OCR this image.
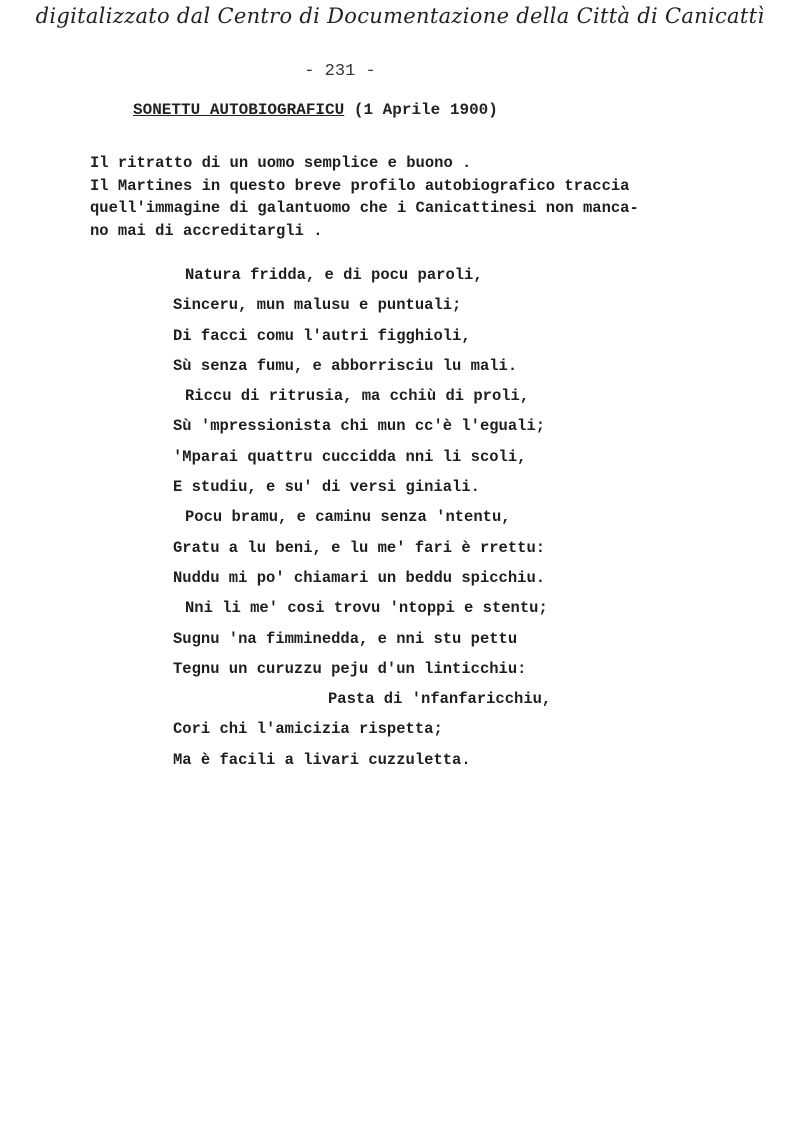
digitalizzato dal Centro di Documentazione della Città di Canicattì
- 231 -
SONETTU AUTOBIOGRAFICU (1 Aprile 1900)

Il ritratto di un uomo semplice e buono .

Il Martines in questo breve profilo autobiografico traccia

quell'immagine di galantuomo che i Canicattinesi non manca-

no mai di accreditargli .

Natura fridda, e di pocu paroli,

Sinceru, mun malusu e puntuali;

Di facci comu l'autri figghioli,

Sù senza fumu, e abborrisciu lu mali.

Riccu di ritrusia, ma cchiù di proli,

Sù 'mpressionista chi mun cc'è l'eguali;

'Mparai quattru cuccidda nni li scoli,

E studiu, e su' di versi giniali.

Pocu bramu, e caminu senza 'ntentu,

Gratu a lu beni, e lu me' fari è rrettu:

Nuddu mi po' chiamari un beddu spicchiu.

Nni li me' cosi trovu 'ntoppi e stentu;

Sugnu 'na fimminedda, e nni stu pettu

Tegnu un curuzzu peju d'un linticchiu:

Pasta di 'nfanfaricchiu,

Cori chi l'amicizia rispetta;

Ma è facili a livari cuzzuletta.
